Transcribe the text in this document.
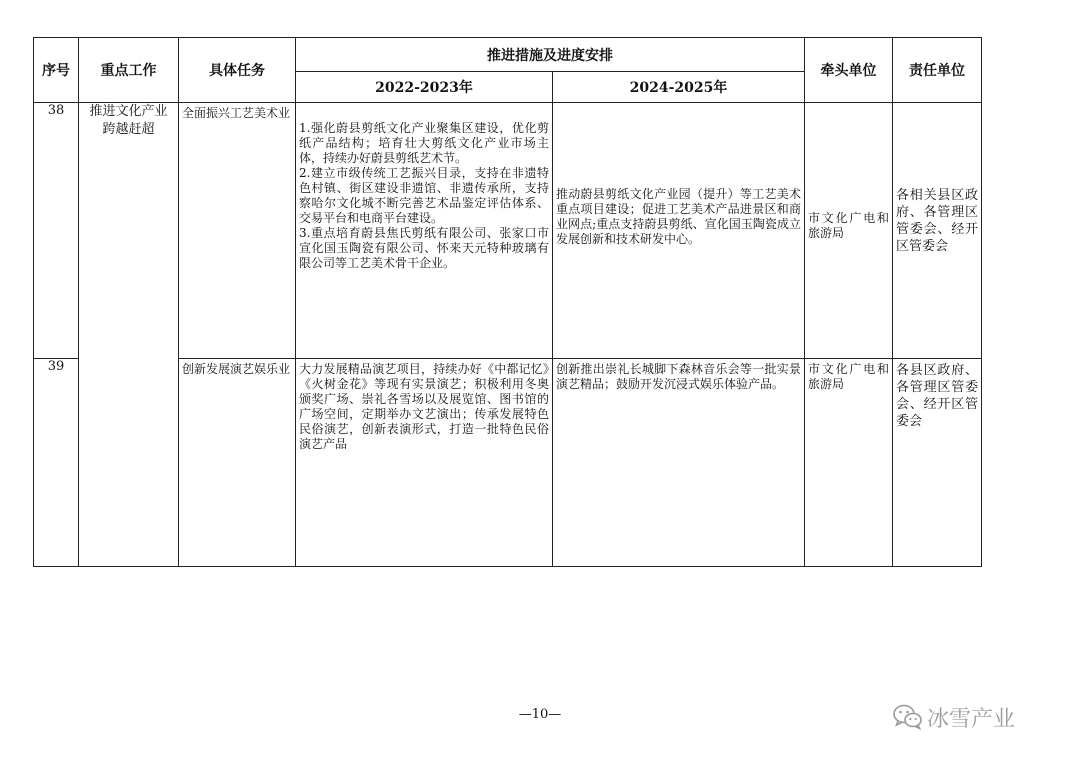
序号	重点工作	具体任务	推进措施及进度安排		牵头单位	责任单位
			2022-2023年	2024-2025年		
38	推进文化产业跨越赶超	全面振兴工艺美术业	1.强化蔚县剪纸文化产业聚集区建设，优化剪纸产品结构；培育壮大剪纸文化产业市场主体，持续办好蔚县剪纸艺术节。

2.建立市级传统工艺振兴目录，支持在非遗特色村镇、街区建设非遗馆、非遗传承所，支持察哈尔文化城不断完善艺术品鉴定评估体系、交易平台和电商平台建设。

3.重点培育蔚县焦氏剪纸有限公司、张家口市宣化国玉陶瓷有限公司、怀来天元特种玻璃有限公司等工艺美术骨干企业。	推动蔚县剪纸文化产业园（提升）等工艺美术重点项目建设；促进工艺美术产品进景区和商业网点;重点支持蔚县剪纸、宣化国玉陶瓷成立发展创新和技术研发中心。	市文化广电和旅游局	各相关县区政府、各管理区管委会、经开区管委会

39		创新发展演艺娱乐业	大力发展精品演艺项目，持续办好《中都记忆》《火树金花》等现有实景演艺；积极利用冬奥颁奖广场、崇礼各雪场以及展览馆、图书馆的广场空间，定期举办文艺演出；传承发展特色民俗演艺，创新表演形式，打造一批特色民俗演艺产品	创新推出崇礼长城脚下森林音乐会等一批实景演艺精品；鼓励开发沉浸式娱乐体验产品。	市文化广电和旅游局	各县区政府、各管理区管委会、经开区管委会
—10—	冰雪产业
